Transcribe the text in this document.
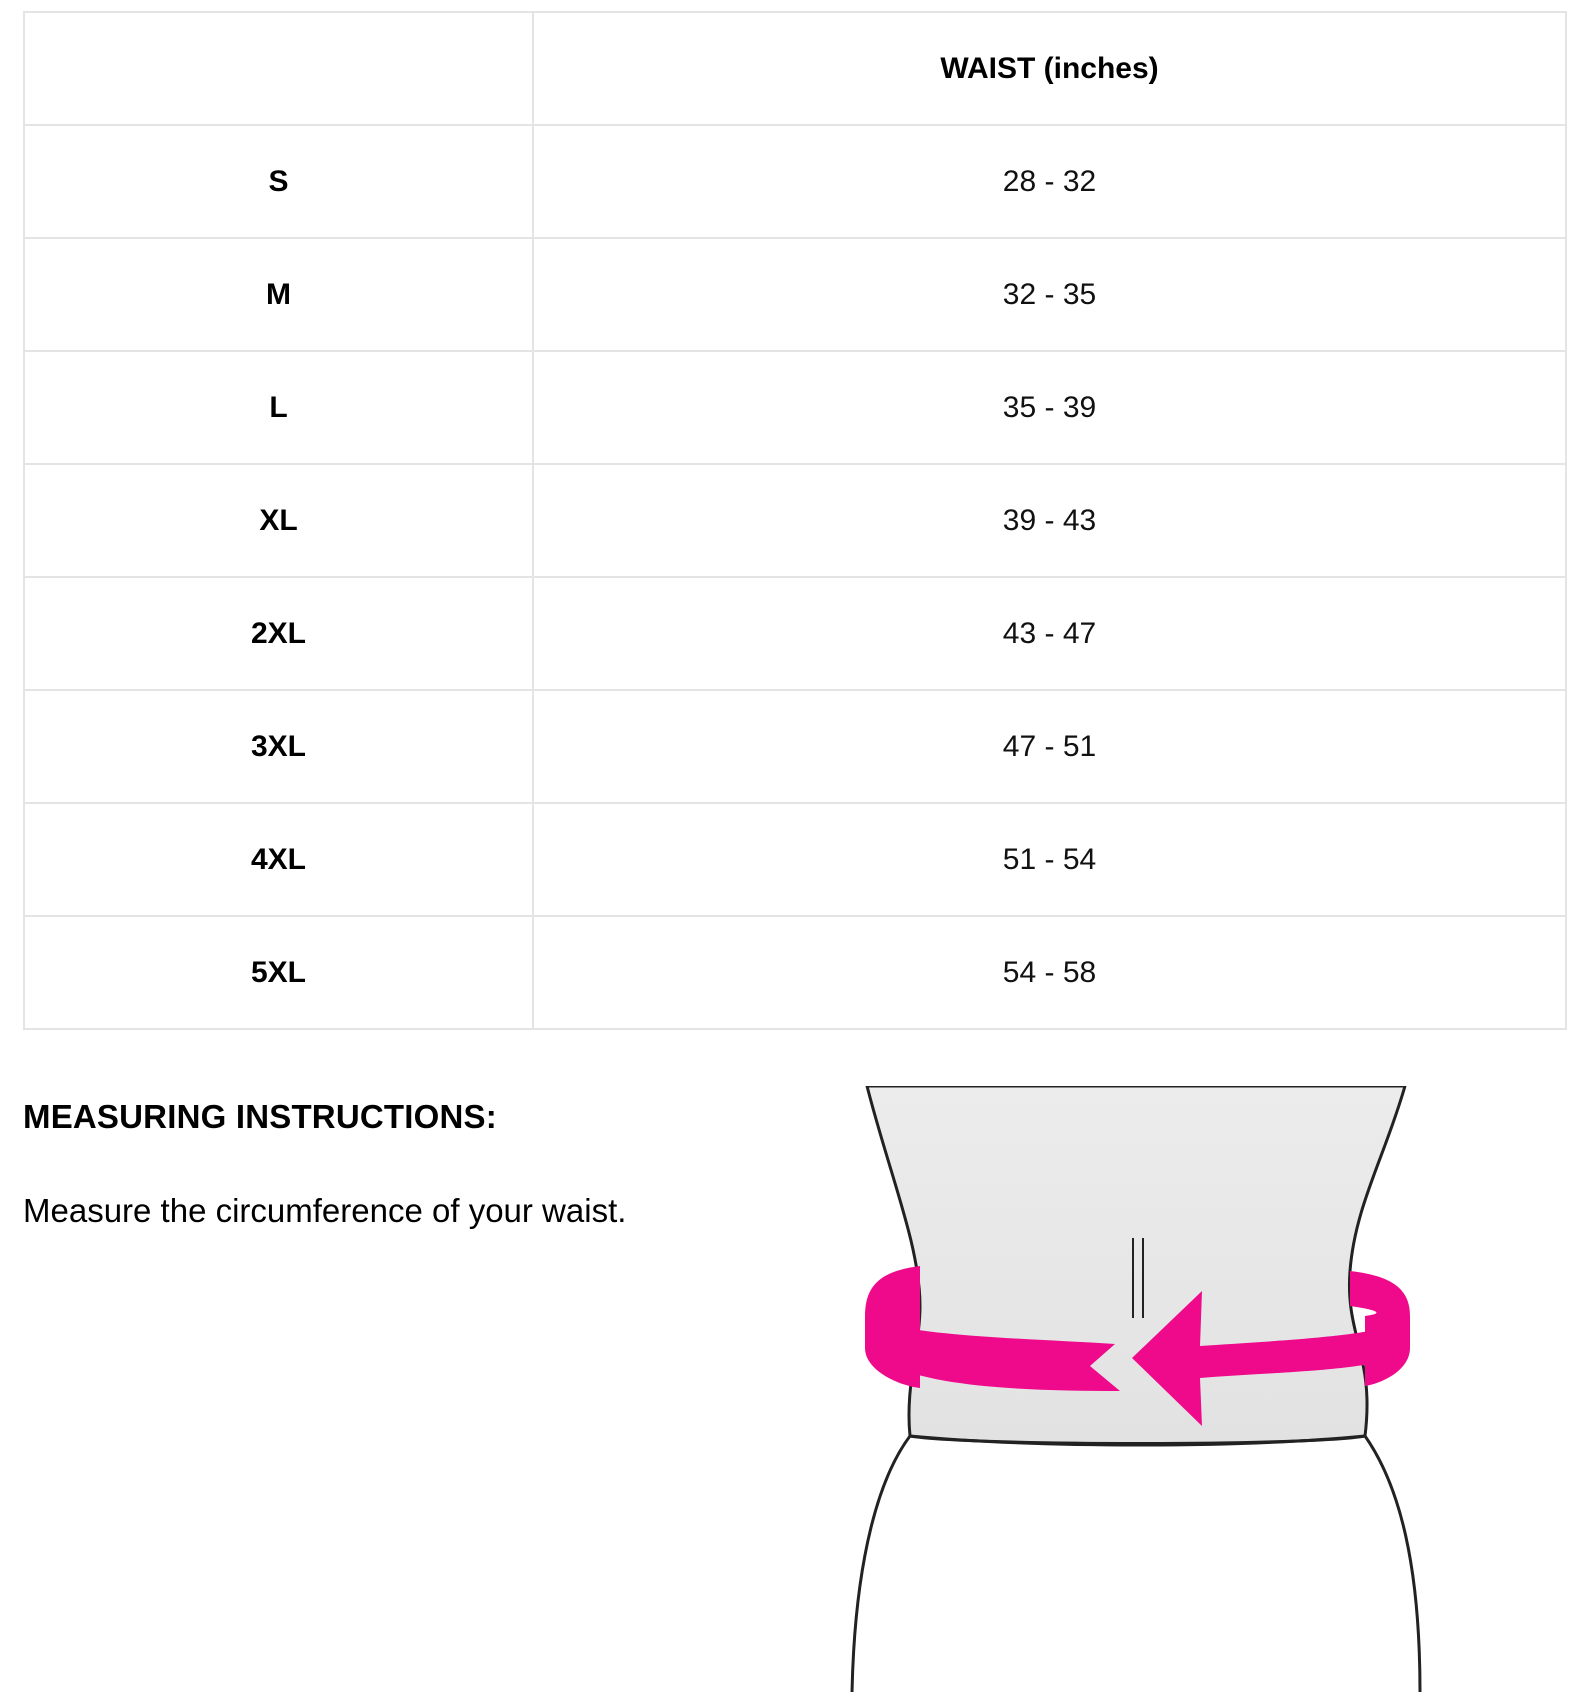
	WAIST (inches)
S	28 - 32
M	32 - 35
L	35 - 39
XL	39 - 43
2XL	43 - 47
3XL	47 - 51
4XL	51 - 54
5XL	54 - 58
MEASURING INSTRUCTIONS:

Measure the circumference of your waist.
